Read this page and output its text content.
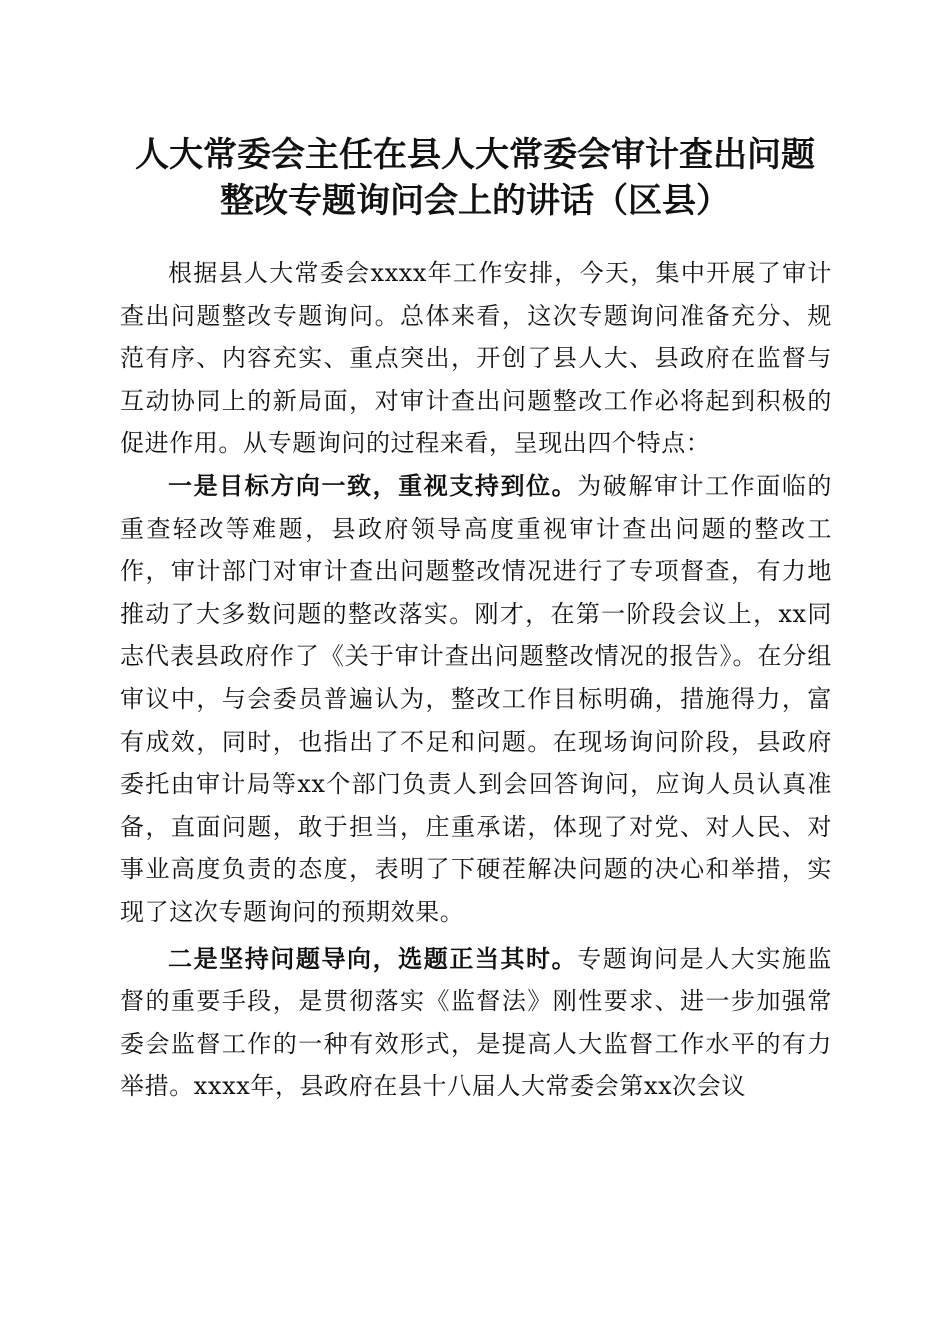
人大常委会主任在县人大常委会审计查出问题
整改专题询问会上的讲话（区县）

根据县人大常委会xxxx年工作安排，今天，集中开展了审计查出问题整改专题询问。总体来看，这次专题询问准备充分、规范有序、内容充实、重点突出，开创了县人大、县政府在监督与互动协同上的新局面，对审计查出问题整改工作必将起到积极的促进作用。从专题询问的过程来看，呈现出四个特点：

一是目标方向一致，重视支持到位。为破解审计工作面临的重查轻改等难题，县政府领导高度重视审计查出问题的整改工作，审计部门对审计查出问题整改情况进行了专项督查，有力地推动了大多数问题的整改落实。刚才，在第一阶段会议上，xx同志代表县政府作了《关于审计查出问题整改情况的报告》。在分组审议中，与会委员普遍认为，整改工作目标明确，措施得力，富有成效，同时，也指出了不足和问题。在现场询问阶段，县政府委托由审计局等xx个部门负责人到会回答询问，应询人员认真准备，直面问题，敢于担当，庄重承诺，体现了对党、对人民、对事业高度负责的态度，表明了下硬茬解决问题的决心和举措，实现了这次专题询问的预期效果。

二是坚持问题导向，选题正当其时。专题询问是人大实施监督的重要手段，是贯彻落实《监督法》刚性要求、进一步加强常委会监督工作的一种有效形式，是提高人大监督工作水平的有力举措。xxxx年，县政府在县十八届人大常委会第xx次会议
